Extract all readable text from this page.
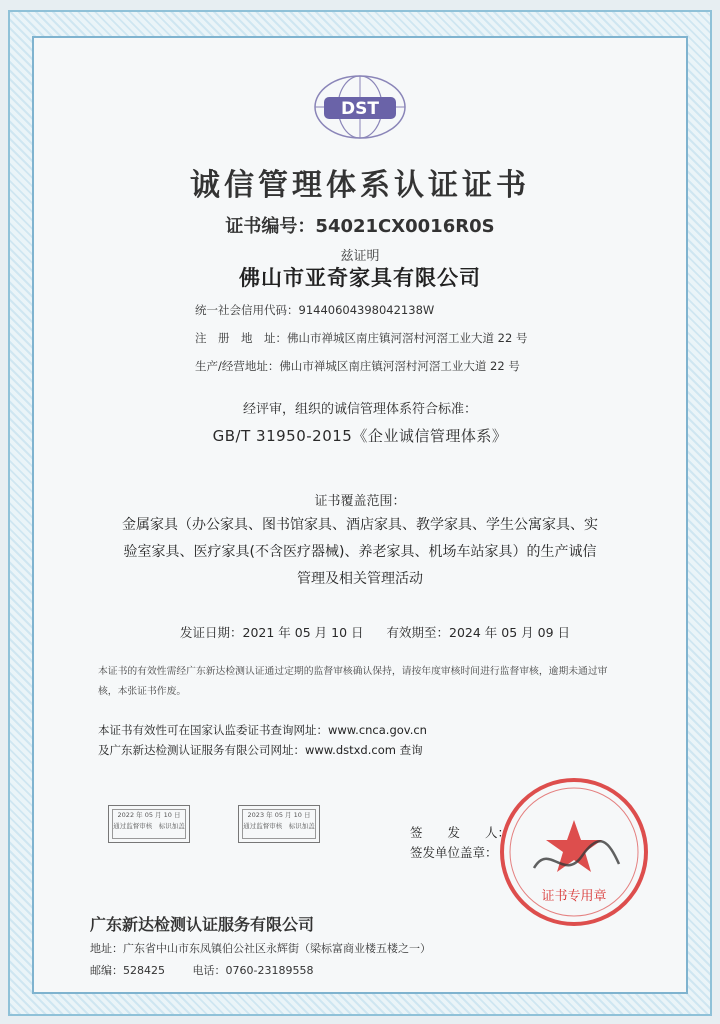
DST
诚信管理体系认证证书
证书编号：54021CX0016R0S
兹证明
佛山市亚奇家具有限公司
统一社会信用代码：91440604398042138W
注　册　地　址：佛山市禅城区南庄镇河滘村河滘工业大道 22 号
生产/经营地址：佛山市禅城区南庄镇河滘村河滘工业大道 22 号
经评审，组织的诚信管理体系符合标准：
GB/T 31950-2015《企业诚信管理体系》
证书覆盖范围：
金属家具（办公家具、图书馆家具、酒店家具、教学家具、学生公寓家具、实
验室家具、医疗家具(不含医疗器械)、养老家具、机场车站家具）的生产诚信
管理及相关管理活动
发证日期：2021 年 05 月 10 日 有效期至：2024 年 05 月 09 日
本证书的有效性需经广东新达检测认证通过定期的监督审核确认保持，请按年度审核时间进行监督审核，逾期未通过审核，本张证书作废。
本证书有效性可在国家认监委证书查询网址：www.cnca.gov.cn
及广东新达检测认证服务有限公司网址：www.dstxd.com 查询
2022 年 05 月 10 日
通过监督审核　标识加盖
2023 年 05 月 10 日
通过监督审核　标识加盖	签　　发　　人：
签发单位盖章：
证书专用章
广东新达检测认证服务有限公司
地址：广东省中山市东凤镇伯公社区永辉街（梁标富商业楼五楼之一）
邮编：528425	电话：0760-23189558
